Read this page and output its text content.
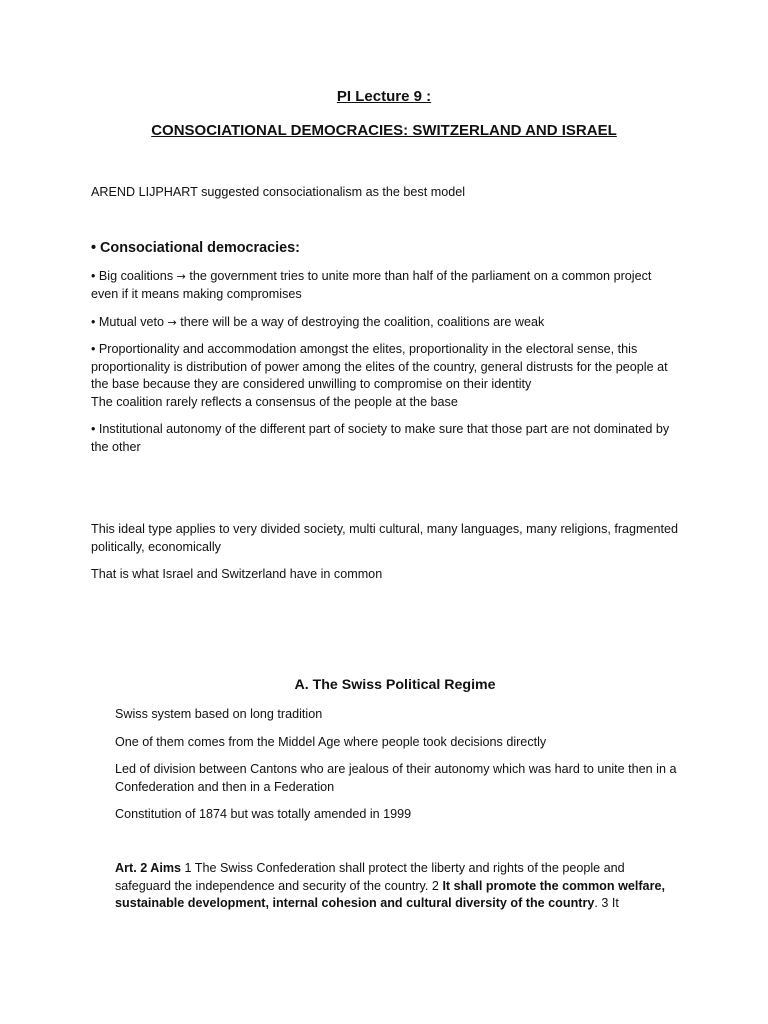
PI Lecture 9 :

CONSOCIATIONAL DEMOCRACIES: SWITZERLAND AND ISRAEL

AREND LIJPHART suggested consociationalism as the best model

• Consociational democracies:

• Big coalitions → the government tries to unite more than half of the parliament on a common project even if it means making compromises

• Mutual veto → there will be a way of destroying the coalition, coalitions are weak

• Proportionality and accommodation amongst the elites, proportionality in the electoral sense, this proportionality is distribution of power among the elites of the country, general distrusts for the people at the base because they are considered unwilling to compromise on their identity

The coalition rarely reflects a consensus of the people at the base

• Institutional autonomy of the different part of society to make sure that those part are not dominated by the other

This ideal type applies to very divided society, multi cultural, many languages, many religions, fragmented politically, economically

That is what Israel and Switzerland have in common

A. The Swiss Political Regime

Swiss system based on long tradition

One of them comes from the Middel Age where people took decisions directly

Led of division between Cantons who are jealous of their autonomy which was hard to unite then in a Confederation and then in a Federation

Constitution of 1874 but was totally amended in 1999

Art. 2 Aims 1 The Swiss Confederation shall protect the liberty and rights of the people and safeguard the independence and security of the country. 2 It shall promote the common welfare, sustainable development, internal cohesion and cultural diversity of the country. 3 It
